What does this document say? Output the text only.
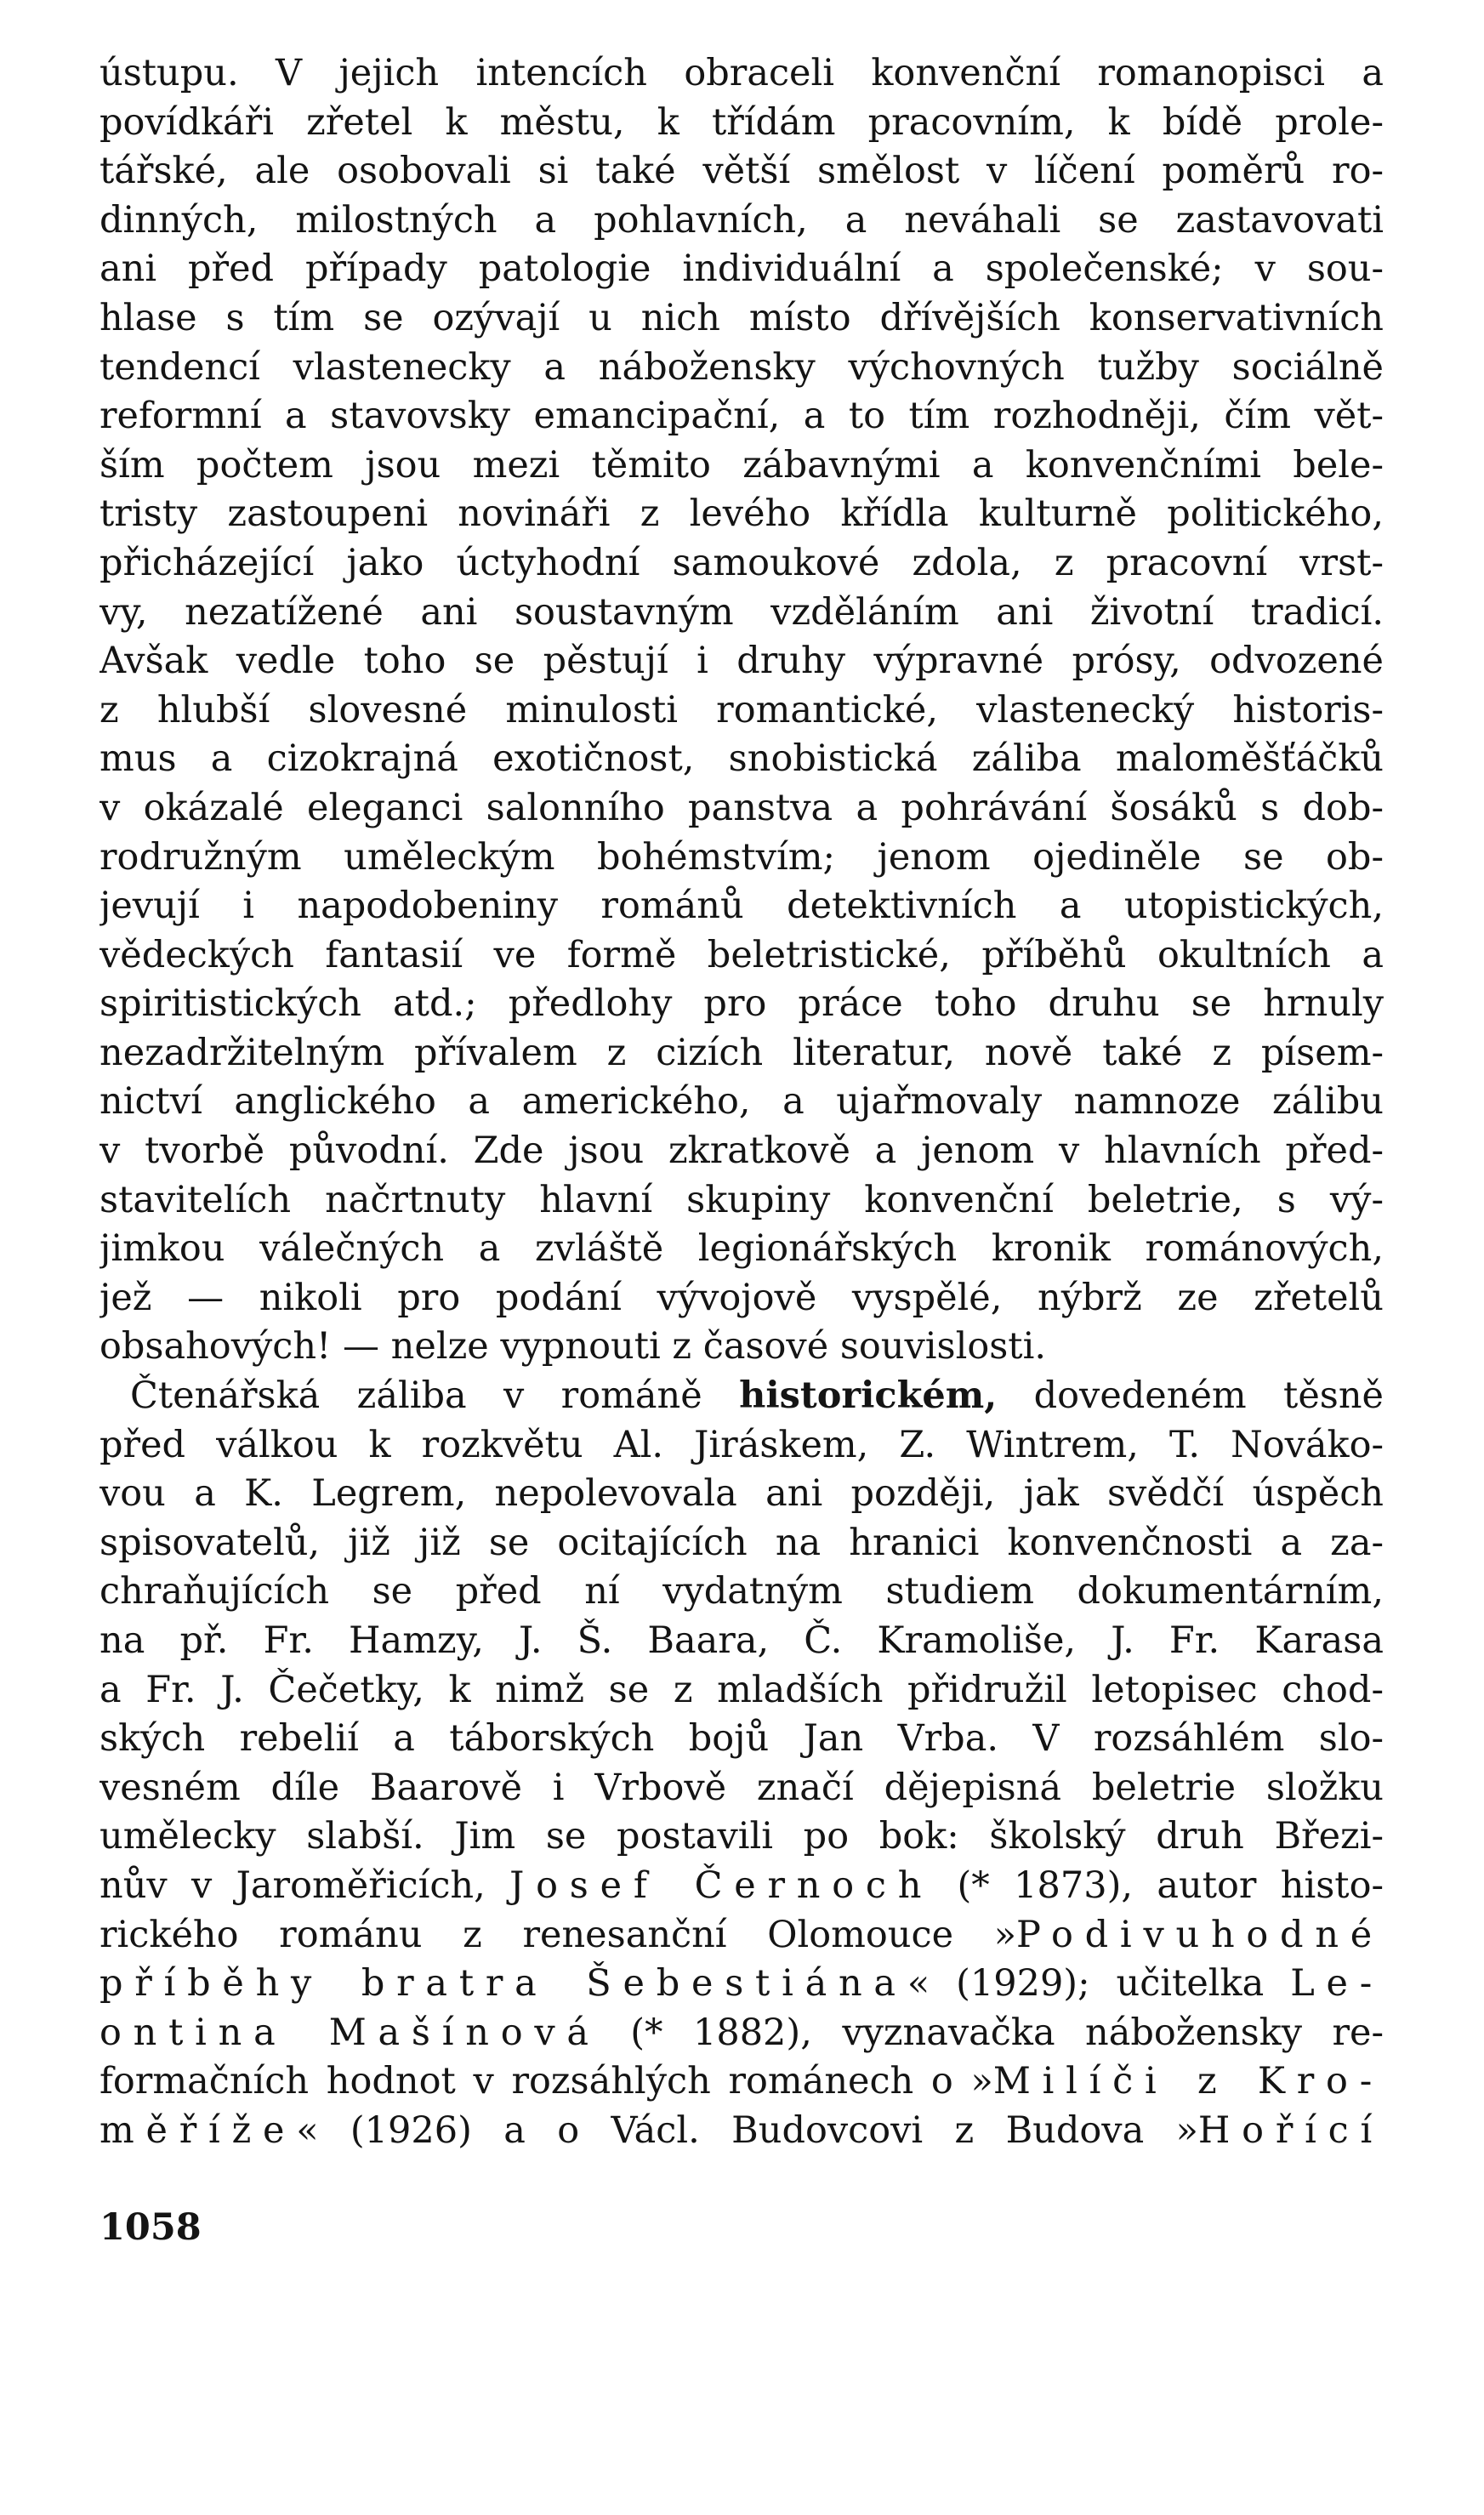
ústupu. V jejich intencích obraceli konvenční romanopisci a
povídkáři zřetel k městu, k třídám pracovním, k bídě prole-
tářské, ale osobovali si také větší smělost v líčení poměrů ro-
dinných, milostných a pohlavních, a neváhali se zastavovati
ani před případy patologie individuální a společenské; v sou-
hlase s tím se ozývají u nich místo dřívějších konservativních
tendencí vlastenecky a nábožensky výchovných tužby sociálně
reformní a stavovsky emancipační, a to tím rozhodněji, čím vět-
ším počtem jsou mezi těmito zábavnými a konvenčními bele-
tristy zastoupeni novináři z levého křídla kulturně politického,
přicházející jako úctyhodní samoukové zdola, z pracovní vrst-
vy, nezatížené ani soustavným vzděláním ani životní tradicí.
Avšak vedle toho se pěstují i druhy výpravné prósy, odvozené
z hlubší slovesné minulosti romantické, vlastenecký historis-
mus a cizokrajná exotičnost, snobistická záliba maloměšťáčků
v okázalé eleganci salonního panstva a pohrávání šosáků s dob-
rodružným uměleckým bohémstvím; jenom ojediněle se ob-
jevují i napodobeniny románů detektivních a utopistických,
vědeckých fantasií ve formě beletristické, příběhů okultních a
spiritistických atd.; předlohy pro práce toho druhu se hrnuly
nezadržitelným přívalem z cizích literatur, nově také z písem-
nictví anglického a amerického, a ujařmovaly namnoze zálibu
v tvorbě původní. Zde jsou zkratkově a jenom v hlavních před-
stavitelích načrtnuty hlavní skupiny konvenční beletrie, s vý-
jimkou válečných a zvláště legionářských kronik románových,
jež — nikoli pro podání vývojově vyspělé, nýbrž ze zřetelů
obsahových! — nelze vypnouti z časové souvislosti.
Čtenářská záliba v románě historickém, dovedeném těsně
před válkou k rozkvětu Al. Jiráskem, Z. Wintrem, T. Novákо-
vou a K. Legrem, nepolevovala ani později, jak svědčí úspěch
spisovatelů, již již se ocitajících na hranici konvenčnosti a za-
chraňujících se před ní vydatným studiem dokumentárním,
na př. Fr. Hamzy, J. Š. Baara, Č. Kramoliše, J. Fr. Karasa
a Fr. J. Čečetky, k nimž se z mladších přidružil letopisec chod-
ských rebelií a táborských bojů Jan Vrba. V rozsáhlém slo-
vesném díle Baarově i Vrbově značí dějepisná beletrie složku
umělecky slabší. Jim se postavili po bok: školský druh Březi-
nův v Jaroměřicích, Josef Černoch (* 1873), autor histo-
rického románu z renesanční Olomouce »Podivuhodné
příběhy bratra Šebestiána« (1929); učitelka Le-
ontina Mašínová (* 1882), vyznavačka nábožensky re-
formačních hodnot v rozsáhlých románech o »Milíči z Kro-
měříže« (1926) a o Václ. Budovcovi z Budova »Hořící
1058
